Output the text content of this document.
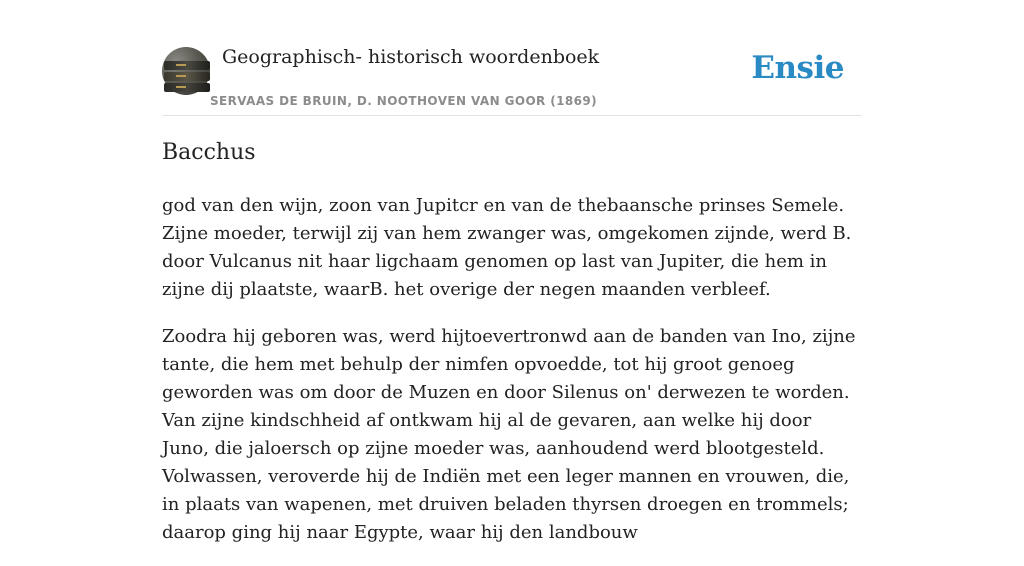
Geographisch- historisch woordenboek
SERVAAS DE BRUIN, D. NOOTHOVEN VAN GOOR (1869)
Ensie
Bacchus

god van den wijn, zoon van Jupitcr en van de thebaansche prinses Semele. Zijne moeder, terwijl zij van hem zwanger was, omgekomen zijnde, werd B. door Vulcanus nit haar ligchaam genomen op last van Jupiter, die hem in zijne dij plaatste, waarB. het overige der negen maanden verbleef.

Zoodra hij geboren was, werd hijtoevertronwd aan de banden van Ino, zijne tante, die hem met behulp der nimfen opvoedde, tot hij groot genoeg geworden was om door de Muzen en door Silenus on' derwezen te worden. Van zijne kindschheid af ontkwam hij al de gevaren, aan welke hij door Juno, die jaloersch op zijne moeder was, aanhoudend werd blootgesteld. Volwassen, veroverde hij de Indiën met een leger mannen en vrouwen, die, in plaats van wapenen, met druiven beladen thyrsen droegen en trommels; daarop ging hij naar Egypte, waar hij den landbouw
